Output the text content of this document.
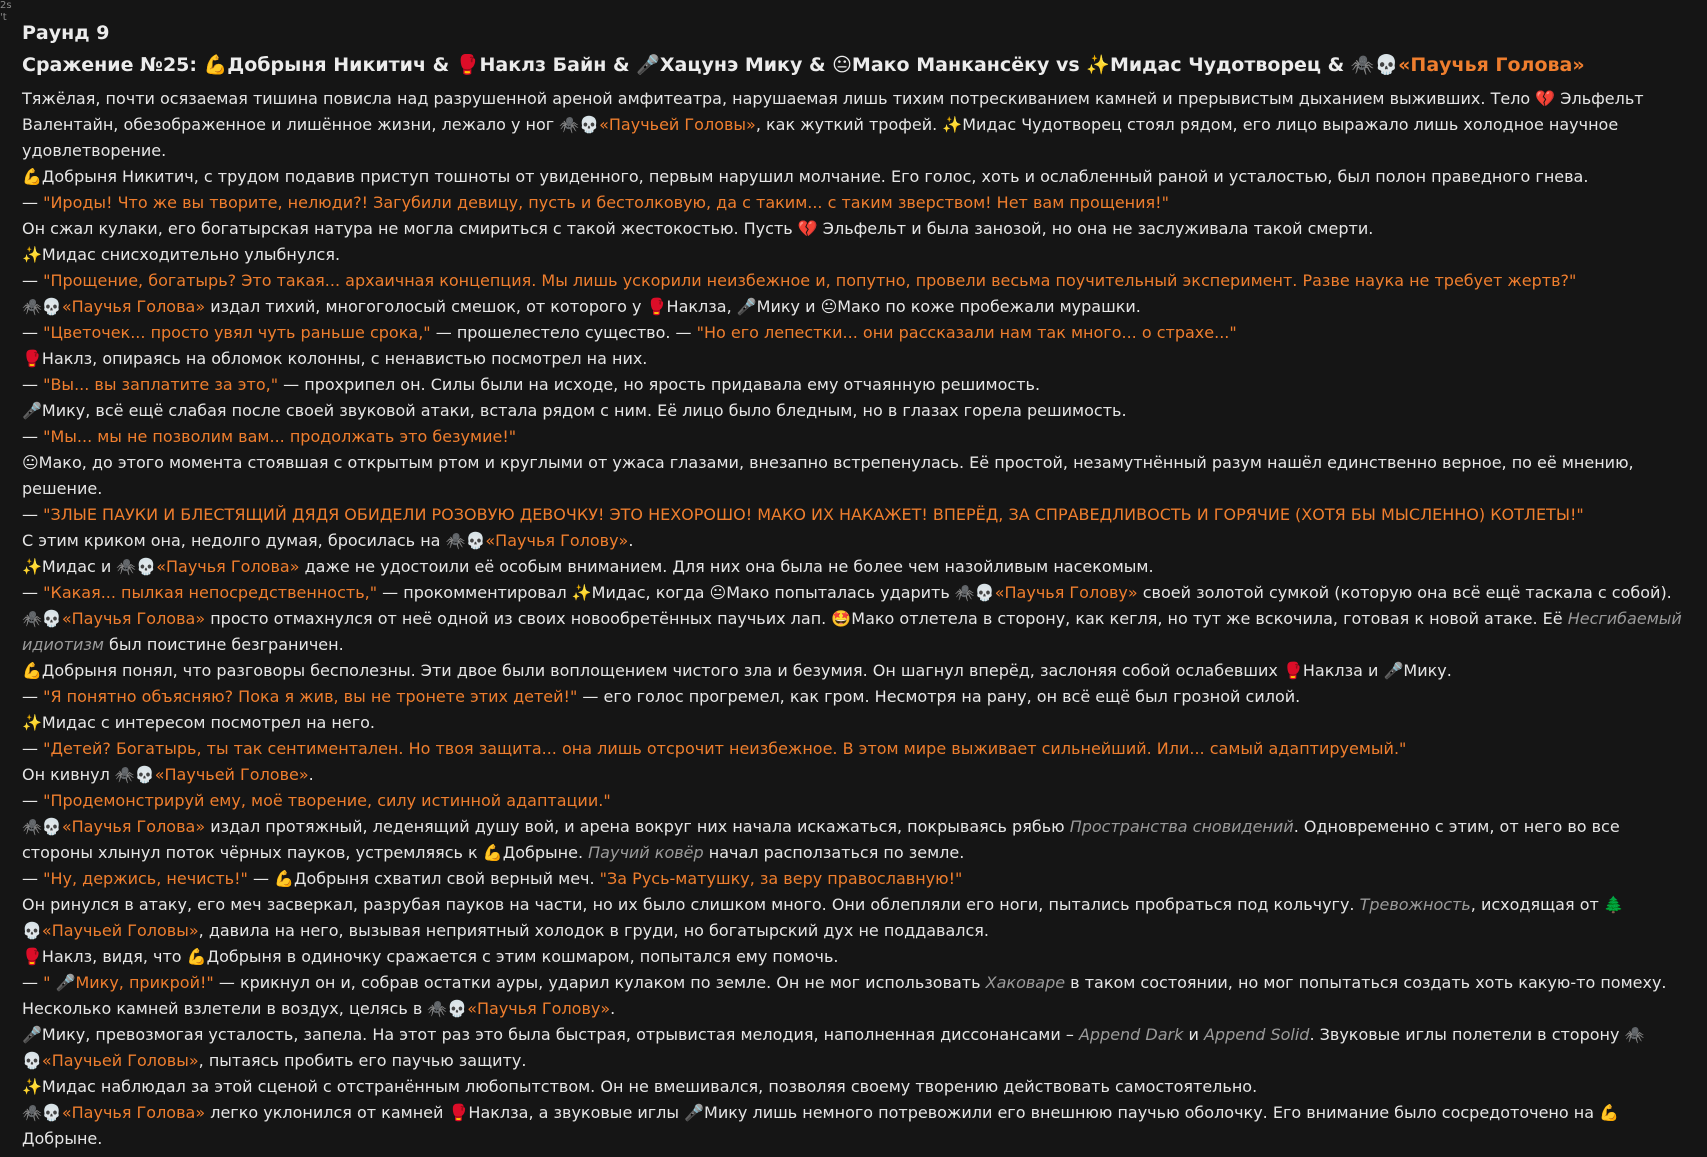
2s
't
Раунд 9
Сражение №25: 💪Добрыня Никитич & 🥊Наклз Байн & 🎤Хацунэ Мику & 😐Мако Манкансёку vs ✨Мидас Чудотворец & 🕷️💀«Паучья Голова»

Тяжёлая, почти осязаемая тишина повисла над разрушенной ареной амфитеатра, нарушаемая лишь тихим потрескиванием камней и прерывистым дыханием выживших. Тело 💔 Эльфельт Валентайн, обезображенное и лишённое жизни, лежало у ног 🕷️💀«Паучьей Головы», как жуткий трофей. ✨Мидас Чудотворец стоял рядом, его лицо выражало лишь холодное научное удовлетворение.

💪Добрыня Никитич, с трудом подавив приступ тошноты от увиденного, первым нарушил молчание. Его голос, хоть и ослабленный раной и усталостью, был полон праведного гнева.

— "Ироды! Что же вы творите, нелюди?! Загубили девицу, пусть и бестолковую, да с таким... с таким зверством! Нет вам прощения!"

Он сжал кулаки, его богатырская натура не могла смириться с такой жестокостью. Пусть 💔 Эльфельт и была занозой, но она не заслуживала такой смерти.

✨Мидас снисходительно улыбнулся.

— "Прощение, богатырь? Это такая... архаичная концепция. Мы лишь ускорили неизбежное и, попутно, провели весьма поучительный эксперимент. Разве наука не требует жертв?"

🕷️💀«Паучья Голова» издал тихий, многоголосый смешок, от которого у 🥊Наклза, 🎤Мику и 😐Мако по коже пробежали мурашки.

— "Цветочек... просто увял чуть раньше срока," — прошелестело существо. — "Но его лепестки... они рассказали нам так много... о страхе..."

🥊Наклз, опираясь на обломок колонны, с ненавистью посмотрел на них.

— "Вы... вы заплатите за это," — прохрипел он. Силы были на исходе, но ярость придавала ему отчаянную решимость.

🎤Мику, всё ещё слабая после своей звуковой атаки, встала рядом с ним. Её лицо было бледным, но в глазах горела решимость.

— "Мы... мы не позволим вам... продолжать это безумие!"

😐Мако, до этого момента стоявшая с открытым ртом и круглыми от ужаса глазами, внезапно встрепенулась. Её простой, незамутнённый разум нашёл единственно верное, по её мнению, решение.

— "ЗЛЫЕ ПАУКИ И БЛЕСТЯЩИЙ ДЯДЯ ОБИДЕЛИ РОЗОВУЮ ДЕВОЧКУ! ЭТО НЕХОРОШО! МАКО ИХ НАКАЖЕТ! ВПЕРЁД, ЗА СПРАВЕДЛИВОСТЬ И ГОРЯЧИЕ (ХОТЯ БЫ МЫСЛЕННО) КОТЛЕТЫ!"

С этим криком она, недолго думая, бросилась на 🕷️💀«Паучья Голову».

✨Мидас и 🕷️💀«Паучья Голова» даже не удостоили её особым вниманием. Для них она была не более чем назойливым насекомым.

— "Какая... пылкая непосредственность," — прокомментировал ✨Мидас, когда 😐Мако попыталась ударить 🕷️💀«Паучья Голову» своей золотой сумкой (которую она всё ещё таскала с собой).

🕷️💀«Паучья Голова» просто отмахнулся от неё одной из своих новообретённых паучьих лап. 🤩Мако отлетела в сторону, как кегля, но тут же вскочила, готовая к новой атаке. Её Несгибаемый идиотизм был поистине безграничен.

💪Добрыня понял, что разговоры бесполезны. Эти двое были воплощением чистого зла и безумия. Он шагнул вперёд, заслоняя собой ослабевших 🥊Наклза и 🎤Мику.

— "Я понятно объясняю? Пока я жив, вы не тронете этих детей!" — его голос прогремел, как гром. Несмотря на рану, он всё ещё был грозной силой.

✨Мидас с интересом посмотрел на него.

— "Детей? Богатырь, ты так сентиментален. Но твоя защита... она лишь отсрочит неизбежное. В этом мире выживает сильнейший. Или... самый адаптируемый."

Он кивнул 🕷️💀«Паучьей Голове».

— "Продемонстрируй ему, моё творение, силу истинной адаптации."

🕷️💀«Паучья Голова» издал протяжный, леденящий душу вой, и арена вокруг них начала искажаться, покрываясь рябью Пространства сновидений. Одновременно с этим, от него во все стороны хлынул поток чёрных пауков, устремляясь к 💪Добрыне. Паучий ковёр начал расползаться по земле.

— "Ну, держись, нечисть!" — 💪Добрыня схватил свой верный меч. "За Русь-матушку, за веру православную!"

Он ринулся в атаку, его меч засверкал, разрубая пауков на части, но их было слишком много. Они облепляли его ноги, пытались пробраться под кольчугу. Тревожность, исходящая от 🌲💀«Паучьей Головы», давила на него, вызывая неприятный холодок в груди, но богатырский дух не поддавался.

🥊Наклз, видя, что 💪Добрыня в одиночку сражается с этим кошмаром, попытался ему помочь.

— " 🎤Мику, прикрой!" — крикнул он и, собрав остатки ауры, ударил кулаком по земле. Он не мог использовать Хаковаре в таком состоянии, но мог попытаться создать хоть какую-то помеху. Несколько камней взлетели в воздух, целясь в 🕷️💀«Паучья Голову».

🎤Мику, превозмогая усталость, запела. На этот раз это была быстрая, отрывистая мелодия, наполненная диссонансами – Append Dark и Append Solid. Звуковые иглы полетели в сторону 🕷️💀«Паучьей Головы», пытаясь пробить его паучью защиту.

✨Мидас наблюдал за этой сценой с отстранённым любопытством. Он не вмешивался, позволяя своему творению действовать самостоятельно.

🕷️💀«Паучья Голова» легко уклонился от камней 🥊Наклза, а звуковые иглы 🎤Мику лишь немного потревожили его внешнюю паучью оболочку. Его внимание было сосредоточено на 💪Добрыне.
